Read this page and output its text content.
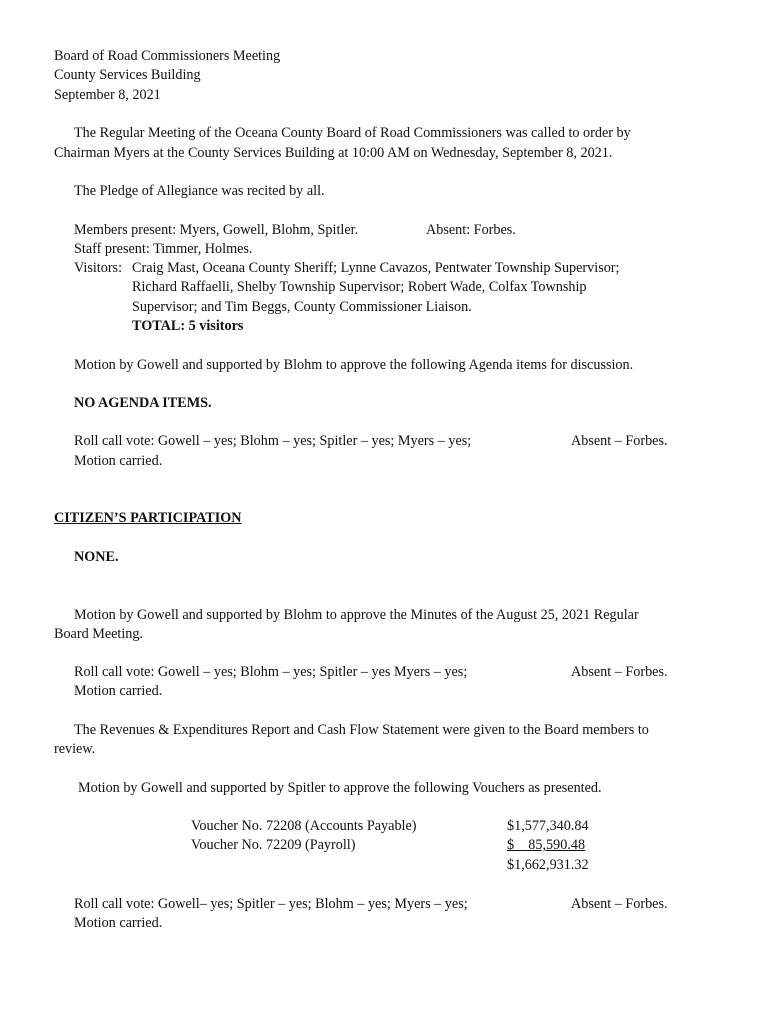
Board of Road Commissioners Meeting
County Services Building
September 8, 2021
The Regular Meeting of the Oceana County Board of Road Commissioners was called to order by
Chairman Myers at the County Services Building at 10:00 AM on Wednesday, September 8, 2021.
The Pledge of Allegiance was recited by all.
Members present: Myers, Gowell, Blohm, Spitler.	Absent: Forbes.
Staff present: Timmer, Holmes.
Visitors: Craig Mast, Oceana County Sheriff; Lynne Cavazos, Pentwater Township Supervisor;
Richard Raffaelli, Shelby Township Supervisor; Robert Wade, Colfax Township
Supervisor; and Tim Beggs, County Commissioner Liaison.
TOTAL: 5 visitors
Motion by Gowell and supported by Blohm to approve the following Agenda items for discussion.
NO AGENDA ITEMS.
Roll call vote: Gowell – yes; Blohm – yes; Spitler – yes; Myers – yes;	Absent – Forbes.
Motion carried.
CITIZEN’S PARTICIPATION
NONE.
Motion by Gowell and supported by Blohm to approve the Minutes of the August 25, 2021 Regular
Board Meeting.
Roll call vote: Gowell – yes; Blohm – yes; Spitler – yes Myers – yes;	Absent – Forbes.
Motion carried.
The Revenues & Expenditures Report and Cash Flow Statement were given to the Board members to
review.
Motion by Gowell and supported by Spitler to approve the following Vouchers as presented.
Voucher No. 72208 (Accounts Payable)	$1,577,340.84
Voucher No. 72209 (Payroll)	$    85,590.48
$1,662,931.32
Roll call vote: Gowell– yes; Spitler – yes; Blohm – yes; Myers – yes;	Absent – Forbes.
Motion carried.
